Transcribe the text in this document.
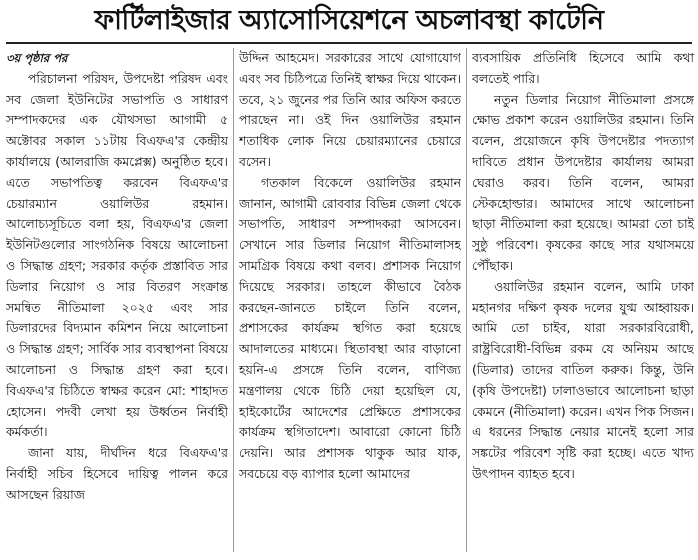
ফার্টিলাইজার অ্যাসোসিয়েশনে অচলাবস্থা কাটেনি

৩য় পৃষ্ঠার পর

পরিচালনা পরিষদ, উপদেষ্টা পরিষদ এবং সব জেলা ইউনিটের সভাপতি ও সাধারণ সম্পাদকদের এক যৌথসভা আগামী ৫ অক্টোবর সকাল ১১টায় বিএফএ'র কেন্দ্রীয় কার্যালয়ে (আলরাজি কমপ্লেক্স) অনুষ্ঠিত হবে। এতে সভাপতিত্ব করবেন বিএফএ'র চেয়ারম্যান ওয়ালিউর রহমান। আলোচ্যসূচিতে বলা হয়, বিএফএ'র জেলা ইউনিটগুলোর সাংগঠনিক বিষয়ে আলোচনা ও সিদ্ধান্ত গ্রহণ; সরকার কর্তৃক প্রস্তাবিত সার ডিলার নিয়োগ ও সার বিতরণ সংক্রান্ত সমন্বিত নীতিমালা ২০২৫ এবং সার ডিলারদের বিদ্যমান কমিশন নিয়ে আলোচনা ও সিদ্ধান্ত গ্রহণ; সার্বিক সার ব্যবস্থাপনা বিষয়ে আলোচনা ও সিদ্ধান্ত গ্রহণ করা হবে। বিএফএ'র চিঠিতে স্বাক্ষর করেন মো: শাহাদত হোসেন। পদবী লেখা হয় উর্ধ্বতন নির্বাহী কর্মকর্তা।

জানা যায়, দীর্ঘদিন ধরে বিএফএ'র নির্বাহী সচিব হিসেবে দায়িত্ব পালন করে আসছেন রিয়াজ

উদ্দিন আহমেদ। সরকারের সাথে যোগাযোগ এবং সব চিঠিপত্রে তিনিই স্বাক্ষর দিয়ে থাকেন। তবে, ২১ জুনের পর তিনি আর অফিস করতে পারছেন না। ওই দিন ওয়ালিউর রহমান শতাধিক লোক নিয়ে চেয়ারম্যানের চেয়ারে বসেন।

গতকাল বিকেলে ওয়ালিউর রহমান জানান, আগামী রোববার বিভিন্ন জেলা থেকে সভাপতি, সাধারণ সম্পাদকরা আসবেন। সেখানে সার ডিলার নিয়োগ নীতিমালাসহ সামগ্রিক বিষয়ে কথা বলব। প্রশাসক নিয়োগ দিয়েছে সরকার। তাহলে কীভাবে বৈঠক করছেন-জানতে চাইলে তিনি বলেন, প্রশাসকের কার্যক্রম স্থগিত করা হয়েছে আদালতের মাধ্যমে। স্থিতাবস্থা আর বাড়ানো হয়নি-এ প্রসঙ্গে তিনি বলেন, বাণিজ্য মন্ত্রণালয় থেকে চিঠি দেয়া হয়েছিল যে, হাইকোর্টের আদেশের প্রেক্ষিতে প্রশাসকের কার্যক্রম স্থগিতাদেশ। আবারো কোনো চিঠি দেয়নি। আর প্রশাসক থাকুক আর যাক, সবচেয়ে বড় ব্যাপার হলো আমাদের

ব্যবসায়িক প্রতিনিধি হিসেবে আমি কথা বলতেই পারি।

নতুন ডিলার নিয়োগ নীতিমালা প্রসঙ্গে ক্ষোভ প্রকাশ করেন ওয়ালিউর রহমান। তিনি বলেন, প্রয়োজনে কৃষি উপদেষ্টার পদত্যাগ দাবিতে প্রধান উপদেষ্টার কার্যালয় আমরা ঘেরাও করব। তিনি বলেন, আমরা স্টেকহোল্ডার। আমাদের সাথে আলোচনা ছাড়া নীতিমালা করা হয়েছে। আমরা তো চাই সুষ্ঠু পরিবেশ। কৃষকের কাছে সার যথাসময়ে পৌঁছাক।

ওয়ালিউর রহমান বলেন, আমি ঢাকা মহানগর দক্ষিণ কৃষক দলের যুগ্ম আহ্বায়ক। আমি তো চাইব, যারা সরকারবিরোধী, রাষ্ট্রবিরোধী-বিভিন্ন রকম যে অনিয়ম আছে (ডিলার) তাদের বাতিল করুক। কিন্তু, উনি (কৃষি উপদেষ্টা) ঢালাওভাবে আলোচনা ছাড়া কেমনে (নীতিমালা) করেন। এখন পিক সিজন। এ ধরনের সিদ্ধান্ত নেয়ার মানেই হলো সার সঙ্কটের পরিবেশ সৃষ্টি করা হচ্ছে। এতে খাদ্য উৎপাদন ব্যাহত হবে।
